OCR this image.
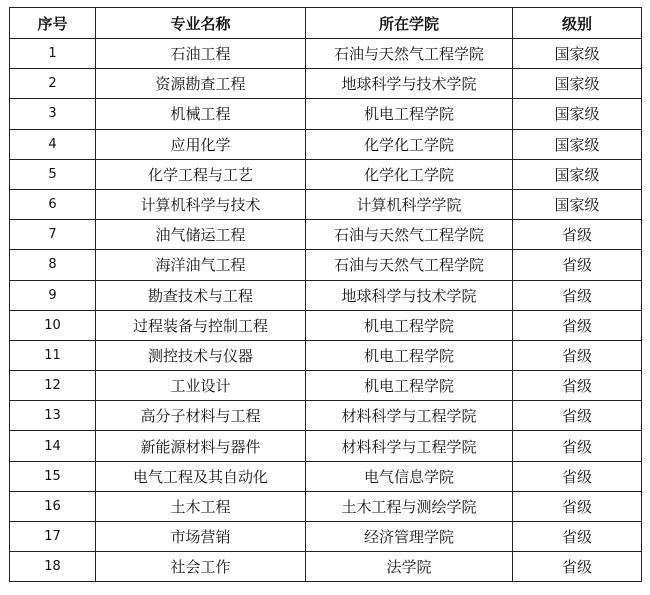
序号	专业名称	所在学院	级别
1	石油工程	石油与天然气工程学院	国家级
2	资源勘查工程	地球科学与技术学院	国家级
3	机械工程	机电工程学院	国家级
4	应用化学	化学化工学院	国家级
5	化学工程与工艺	化学化工学院	国家级
6	计算机科学与技术	计算机科学学院	国家级
7	油气储运工程	石油与天然气工程学院	省级
8	海洋油气工程	石油与天然气工程学院	省级
9	勘查技术与工程	地球科学与技术学院	省级
10	过程装备与控制工程	机电工程学院	省级
11	测控技术与仪器	机电工程学院	省级
12	工业设计	机电工程学院	省级
13	高分子材料与工程	材料科学与工程学院	省级
14	新能源材料与器件	材料科学与工程学院	省级
15	电气工程及其自动化	电气信息学院	省级
16	土木工程	土木工程与测绘学院	省级
17	市场营销	经济管理学院	省级
18	社会工作	法学院	省级
